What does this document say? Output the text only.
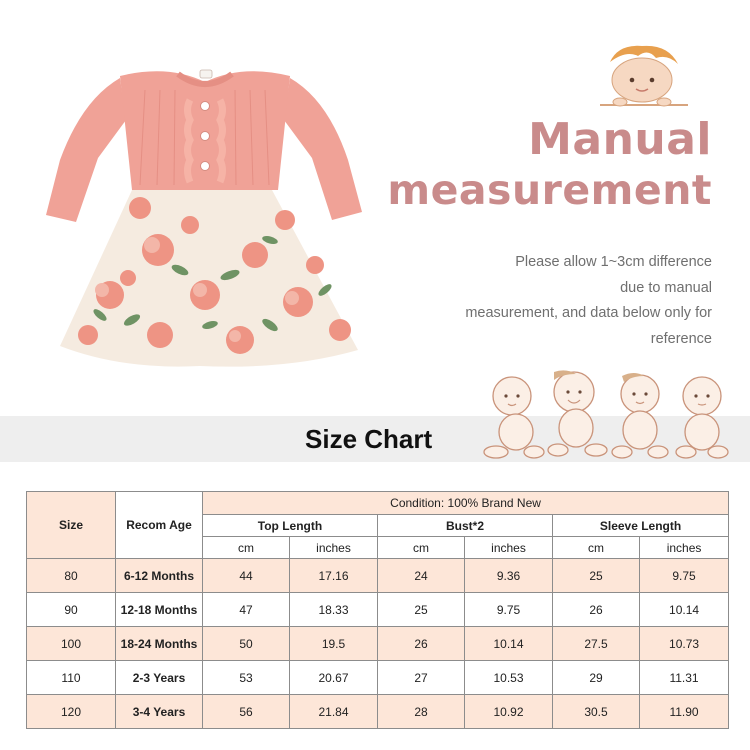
Manual
measurement
Please allow 1~3cm difference
due to manual
measurement, and data below only for
reference
Size Chart
Size	Recom Age	Condition: 100% Brand New					
		Top Length		Bust*2		Sleeve Length	
		cm	inches	cm	inches	cm	inches
80	6-12 Months	44	17.16	24	9.36	25	9.75
90	12-18 Months	47	18.33	25	9.75	26	10.14
100	18-24 Months	50	19.5	26	10.14	27.5	10.73
110	2-3 Years	53	20.67	27	10.53	29	11.31
120	3-4 Years	56	21.84	28	10.92	30.5	11.90
